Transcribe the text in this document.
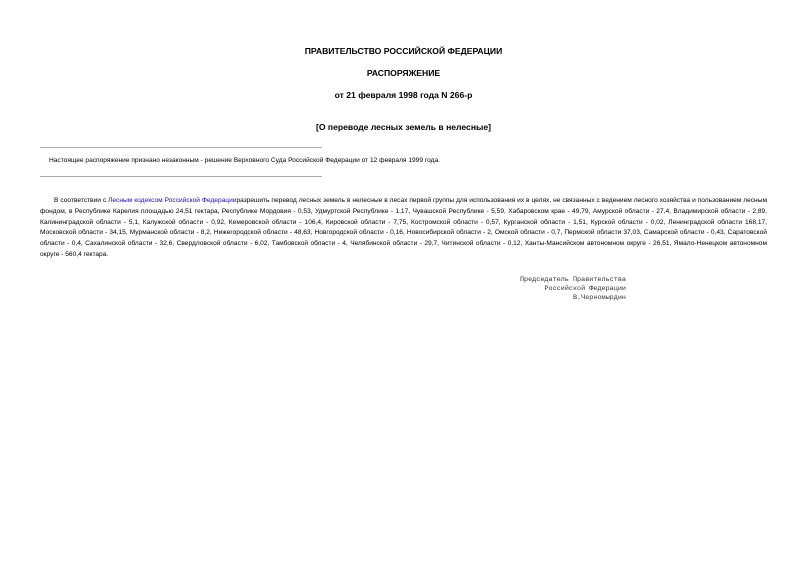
ПРАВИТЕЛЬСТВО РОССИЙСКОЙ ФЕДЕРАЦИИ
РАСПОРЯЖЕНИЕ
от 21 февраля 1998 года N 266-р
[О переводе лесных земель в нелесные]
Настоящее распоряжение признано незаконным - решение Верховного Суда Российской Федерации от 12 февраля 1999 года.

В соответствии с Лесным кодексом Российской Федерацииразрешить перевод лесных земель в нелесные в лесах первой группы для использования их в целях, не связанных с ведением лесного хозяйства и пользованием лесным фондом, в Республике Карелия площадью 24,51 гектара, Республике Мордовия - 0,53, Удмуртской Республике - 1,17, Чувашской Республике - 5,59, Хабаровском крае - 49,79, Амурской области - 27,4, Владимирской области - 2,89, Калининградской области - 5,1, Калужской области - 0,92, Кемеровской области - 106,4, Кировской области - 7,75, Костромской области - 0,57, Курганской области - 1,51, Курской области - 0,02, Ленинградской области 168,17, Московской области - 34,15, Мурманской области - 8,2, Нижегородской области - 48,63, Новгородской области - 0,16, Новосибирской области - 2, Омской области - 0,7, Пермской области 37,03, Самарской области - 0,43, Саратовской области - 0,4, Сахалинской области - 32,6, Свердловской области - 6,02, Тамбовской области - 4, Челябинской области - 29,7, Читинской области - 0,12, Ханты-Мансийском автономном округе - 26,51, Ямало-Ненецком автономном округе - 560,4 гектара.

Председатель Правительства
Российской Федерации
В.Черномырдин
